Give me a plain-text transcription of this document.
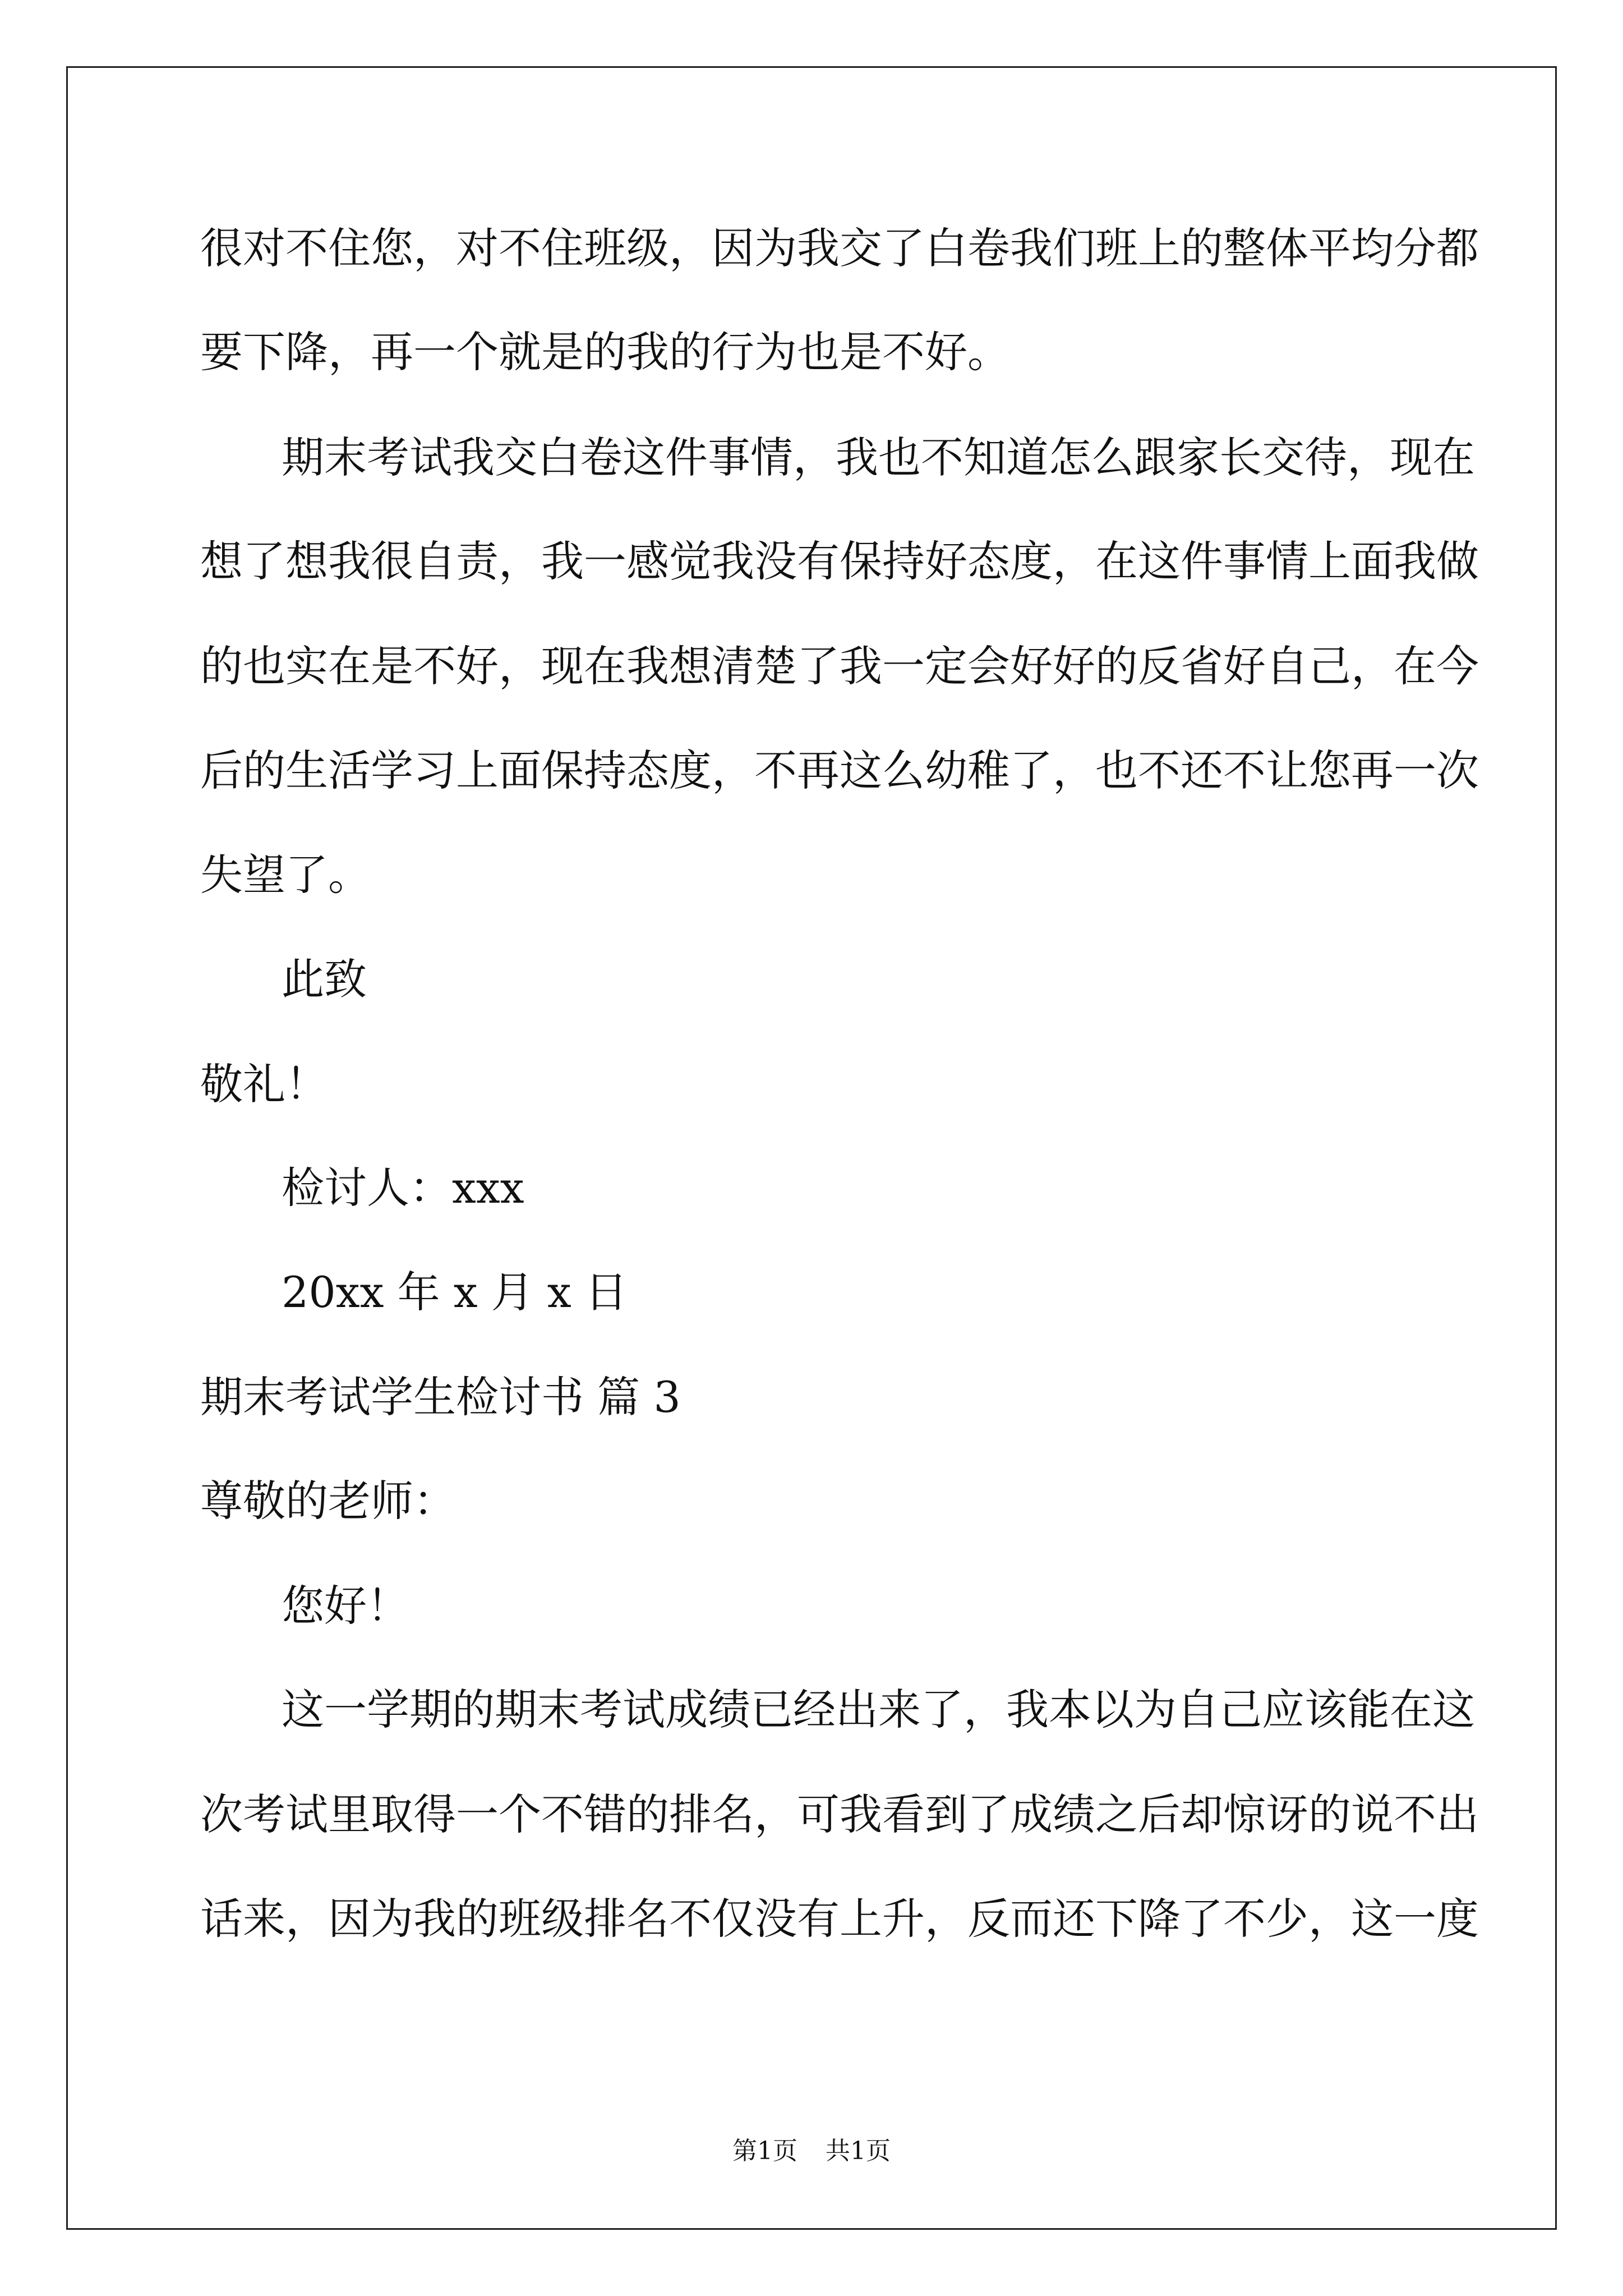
很对不住您，对不住班级，因为我交了白卷我们班上的整体平均分都
要下降，再一个就是的我的行为也是不好。
期末考试我交白卷这件事情，我也不知道怎么跟家长交待，现在
想了想我很自责，我一感觉我没有保持好态度，在这件事情上面我做
的也实在是不好，现在我想清楚了我一定会好好的反省好自己，在今
后的生活学习上面保持态度，不再这么幼稚了，也不还不让您再一次
失望了。
此致
敬礼！
检讨人：xxx
20xx 年 x 月 x 日
期末考试学生检讨书 篇 3
尊敬的老师：
您好！
这一学期的期末考试成绩已经出来了，我本以为自己应该能在这
次考试里取得一个不错的排名，可我看到了成绩之后却惊讶的说不出
话来，因为我的班级排名不仅没有上升，反而还下降了不少，这一度
第1页 共1页
